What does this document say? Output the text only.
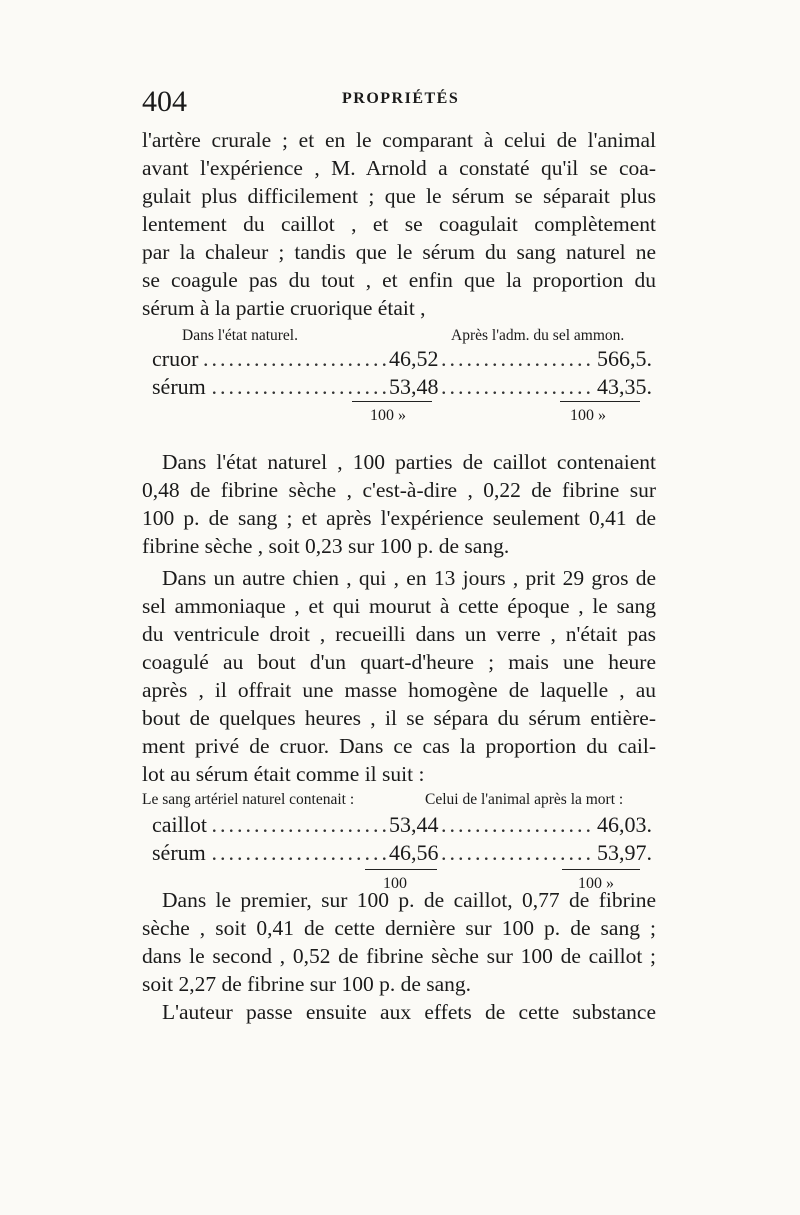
404	PROPRIÉTÉS
l'artère crurale ; et en le comparant à celui de l'animal
avant l'expérience , M. Arnold a constaté qu'il se coa-
gulait plus difficilement ; que le sérum se séparait plus
lentement du caillot , et se coagulait complètement
par la chaleur ; tandis que le sérum du sang naturel ne
se coagule pas du tout , et enfin que la proportion du
sérum à la partie cruorique était ,
Dans l'état naturel.	Après l'adm. du sel ammon.
cruor	46,52	566,5.
sérum	53,48	43,35.
100 »	100 »
Dans l'état naturel , 100 parties de caillot contenaient
0,48 de fibrine sèche , c'est-à-dire , 0,22 de fibrine sur
100 p. de sang ; et après l'expérience seulement 0,41 de
fibrine sèche , soit 0,23 sur 100 p. de sang.
Dans un autre chien , qui , en 13 jours , prit 29 gros de
sel ammoniaque , et qui mourut à cette époque , le sang
du ventricule droit , recueilli dans un verre , n'était pas
coagulé au bout d'un quart-d'heure ; mais une heure
après , il offrait une masse homogène de laquelle , au
bout de quelques heures , il se sépara du sérum entière-
ment privé de cruor. Dans ce cas la proportion du cail-
lot au sérum était comme il suit :
Le sang artériel naturel contenait :	Celui de l'animal après la mort :
caillot	53,44	46,03.
sérum	46,56	53,97.
100	100 »
Dans le premier, sur 100 p. de caillot, 0,77 de fibrine
sèche , soit 0,41 de cette dernière sur 100 p. de sang ;
dans le second , 0,52 de fibrine sèche sur 100 de caillot ;
soit 2,27 de fibrine sur 100 p. de sang.
L'auteur passe ensuite aux effets de cette substance
